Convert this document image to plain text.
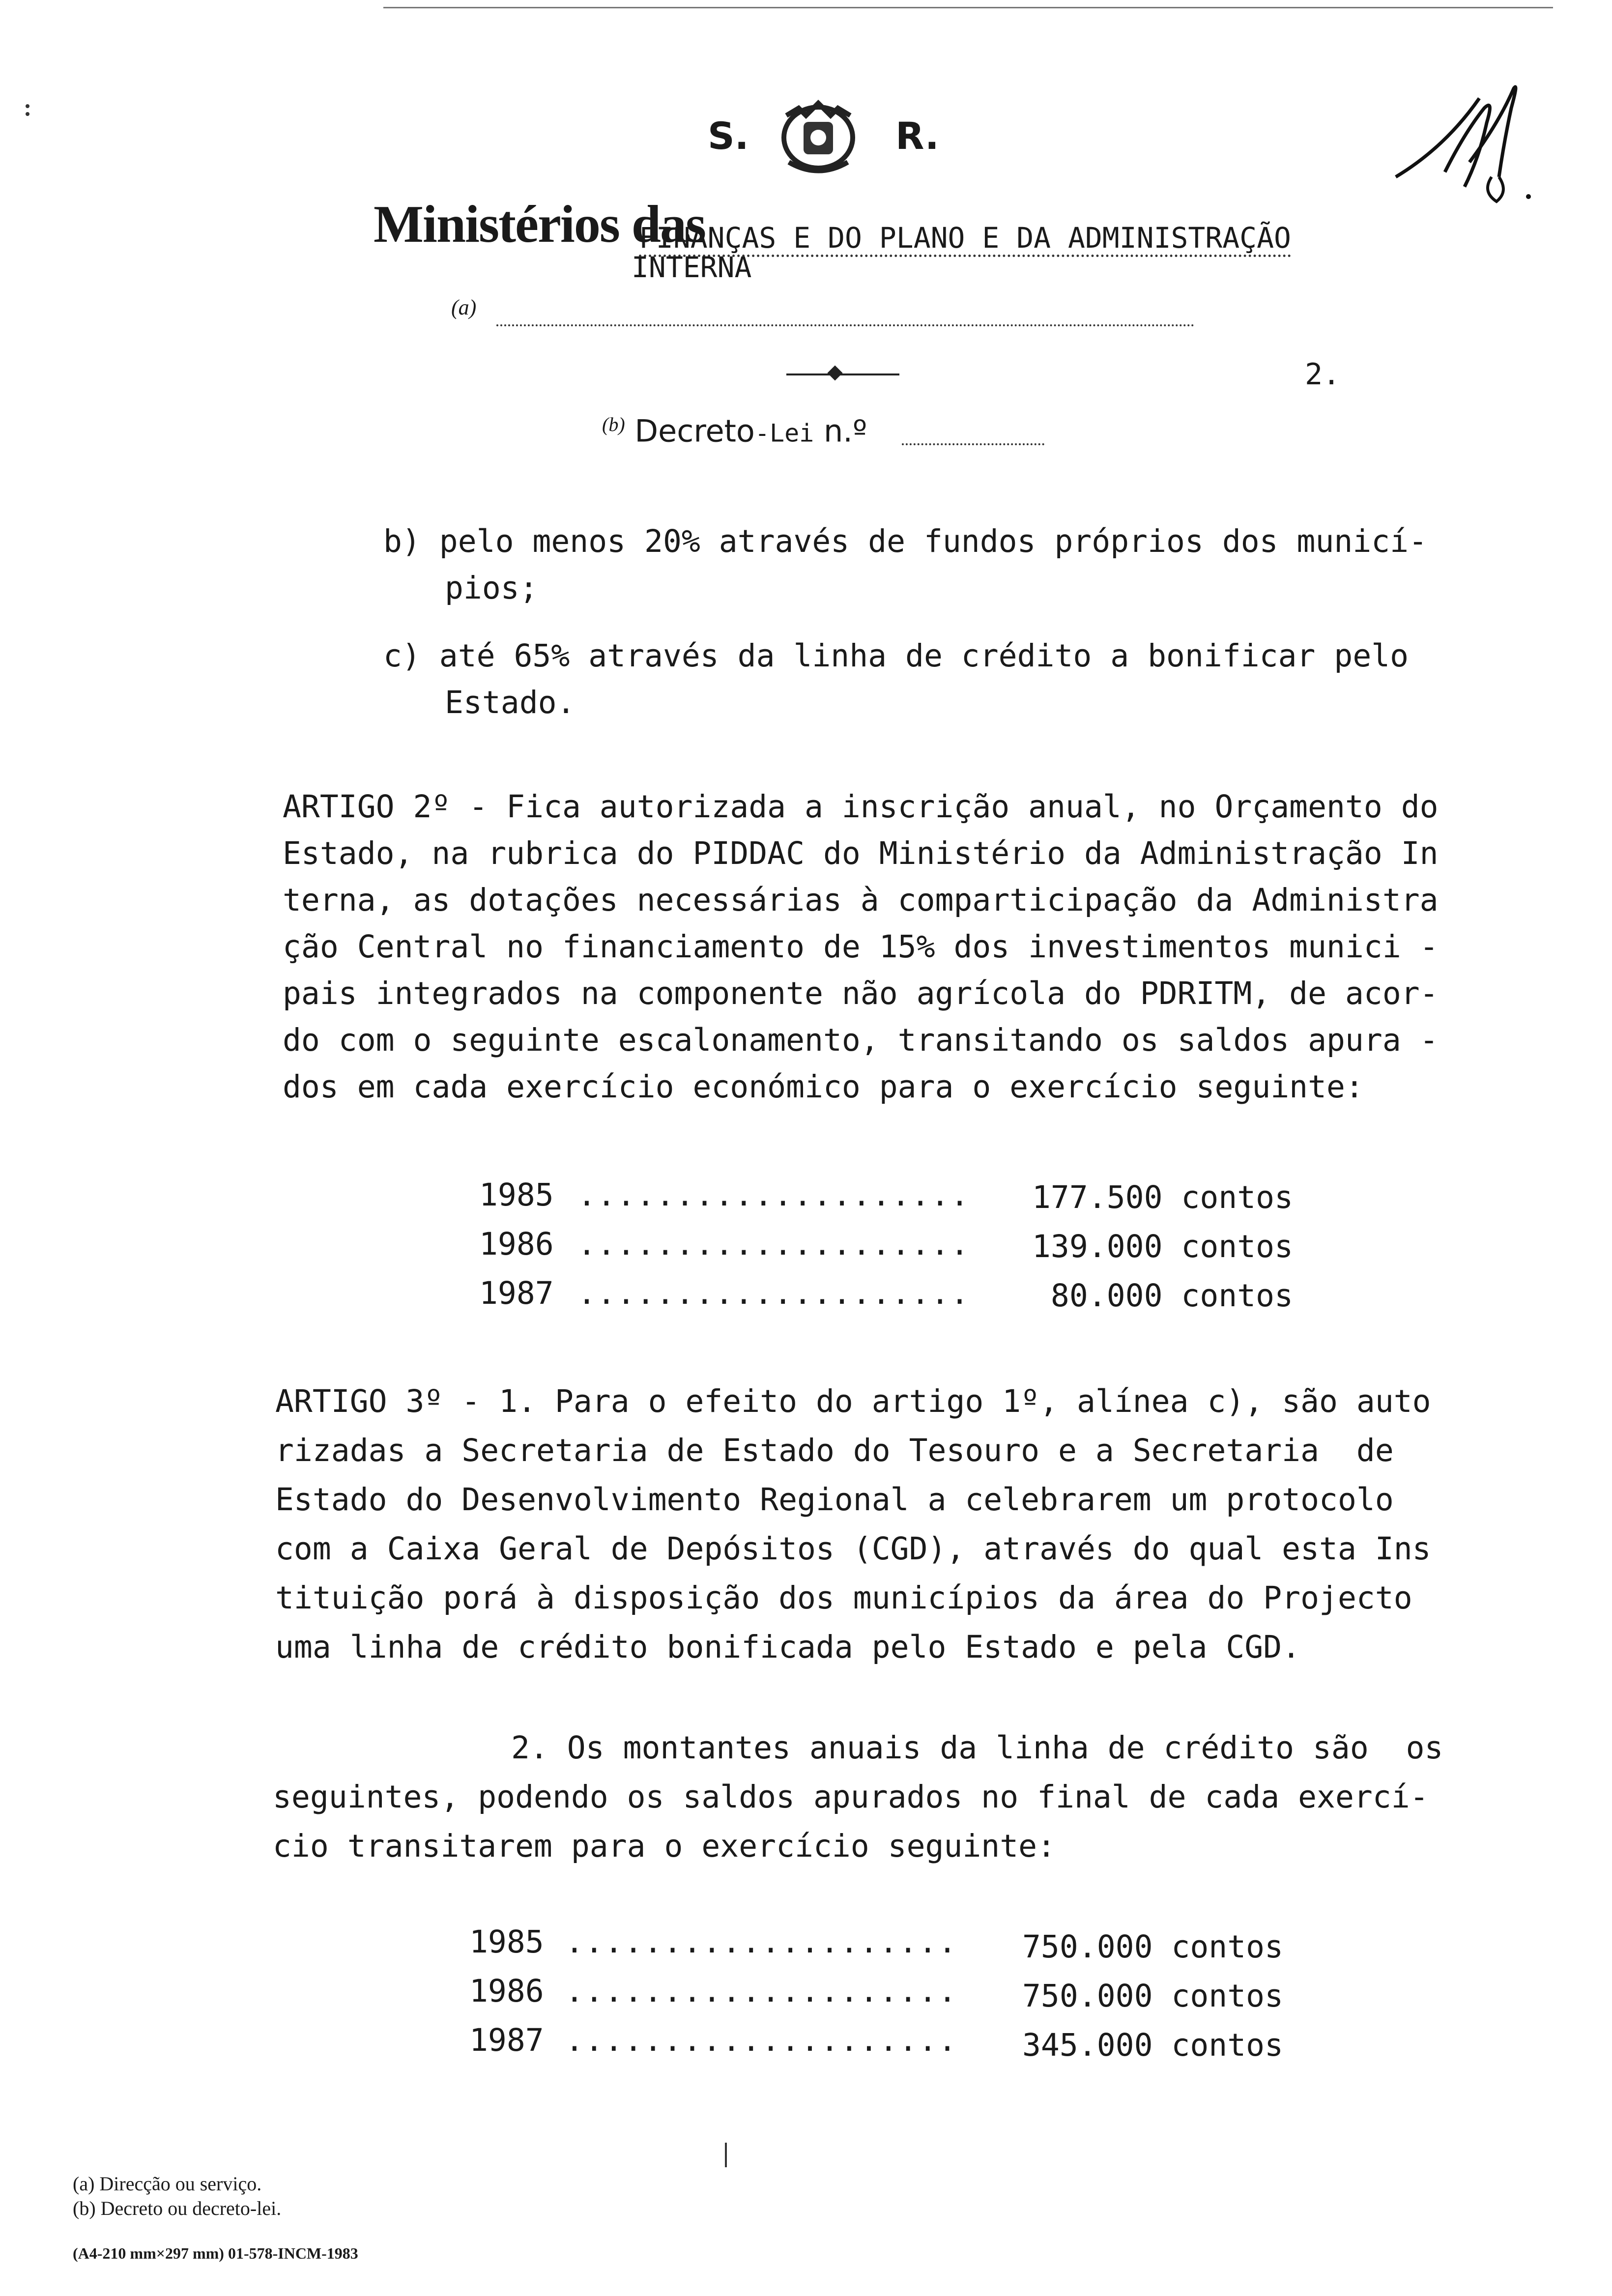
S.	R.
Ministérios das
FINANÇAS E DO PLANO E DA ADMINISTRAÇÃO
INTERNA
(a)
2.
$^{(b)}$ Decreto-Lei n.º
b) pelo menos 20% através de fundos próprios dos municí-
pios;
c) até 65% através da linha de crédito a bonificar pelo
Estado.
ARTIGO 2º - Fica autorizada a inscrição anual, no Orçamento do
Estado, na rubrica do PIDDAC do Ministério da Administração In
terna, as dotações necessárias à comparticipação da Administra
ção Central no financiamento de 15% dos investimentos munici -
pais integrados na componente não agrícola do PDRITM, de acor-
do com o seguinte escalonamento, transitando os saldos apura -
dos em cada exercício económico para o exercício seguinte:
1985 .................... 177.500 contos
1986 .................... 139.000 contos
1987 .................... 80.000 contos
ARTIGO 3º - 1. Para o efeito do artigo 1º, alínea c), são auto
rizadas a Secretaria de Estado do Tesouro e a Secretaria  de
Estado do Desenvolvimento Regional a celebrarem um protocolo
com a Caixa Geral de Depósitos (CGD), através do qual esta Ins
tituição porá à disposição dos municípios da área do Projecto
uma linha de crédito bonificada pelo Estado e pela CGD.
2. Os montantes anuais da linha de crédito são  os
seguintes, podendo os saldos apurados no final de cada exercí-
cio transitarem para o exercício seguinte:
1985 .................... 750.000 contos
1986 .................... 750.000 contos
1987 .................... 345.000 contos
(a) Direcção ou serviço.
(b) Decreto ou decreto-lei.
(A4-210 mm×297 mm) 01-578-INCM-1983
